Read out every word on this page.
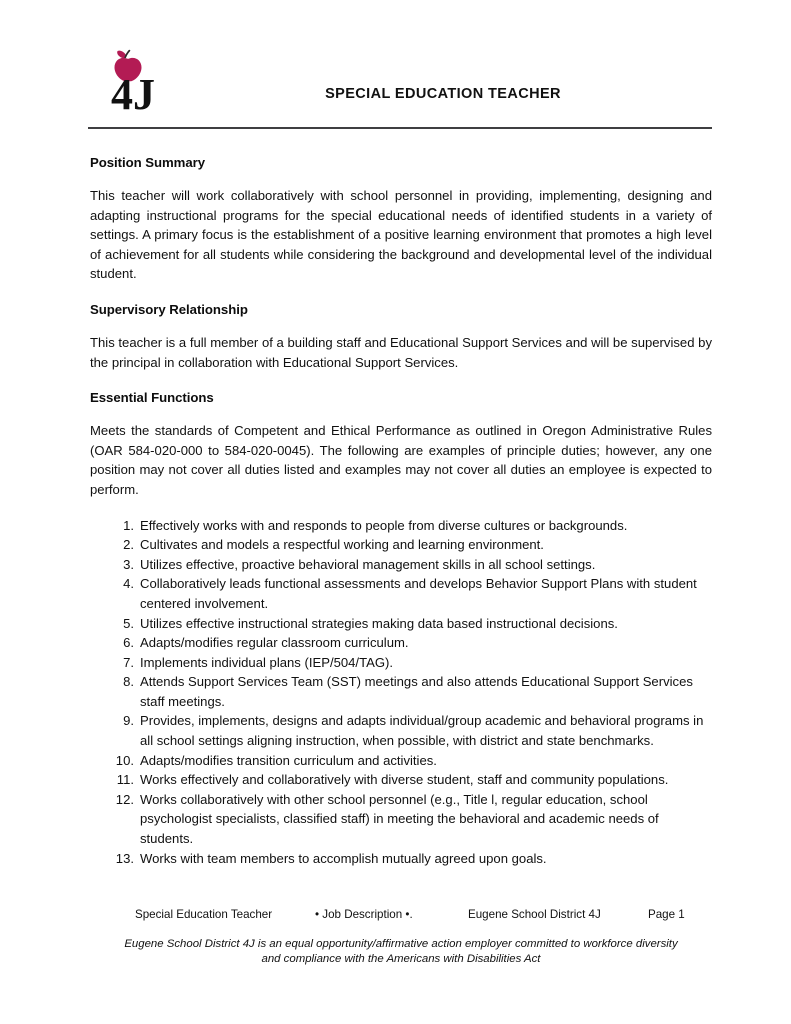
4J	SPECIAL EDUCATION TEACHER
Position Summary

This teacher will work collaboratively with school personnel in providing, implementing, designing and adapting instructional programs for the special educational needs of identified students in a variety of settings. A primary focus is the establishment of a positive learning environment that promotes a high level of achievement for all students while considering the background and developmental level of the individual student.

Supervisory Relationship

This teacher is a full member of a building staff and Educational Support Services and will be supervised by the principal in collaboration with Educational Support Services.

Essential Functions

Meets the standards of Competent and Ethical Performance as outlined in Oregon Administrative Rules (OAR 584-020-000 to 584-020-0045). The following are examples of principle duties; however, any one position may not cover all duties listed and examples may not cover all duties an employee is expected to perform.

Effectively works with and responds to people from diverse cultures or backgrounds.
Cultivates and models a respectful working and learning environment.
Utilizes effective, proactive behavioral management skills in all school settings.
Collaboratively leads functional assessments and develops Behavior Support Plans with student centered involvement.
Utilizes effective instructional strategies making data based instructional decisions.
Adapts/modifies regular classroom curriculum.
Implements individual plans (IEP/504/TAG).
Attends Support Services Team (SST) meetings and also attends Educational Support Services staff meetings.
Provides, implements, designs and adapts individual/group academic and behavioral programs in all school settings aligning instruction, when possible, with district and state benchmarks.
Adapts/modifies transition curriculum and activities.
Works effectively and collaboratively with diverse student, staff and community populations.
Works collaboratively with other school personnel (e.g., Title l, regular education, school psychologist specialists, classified staff) in meeting the behavioral and academic needs of students.
Works with team members to accomplish mutually agreed upon goals.
Special Education Teacher	• Job Description •.	Eugene School District 4J	Page 1
Eugene School District 4J is an equal opportunity/affirmative action employer committed to workforce diversity
and compliance with the Americans with Disabilities Act
